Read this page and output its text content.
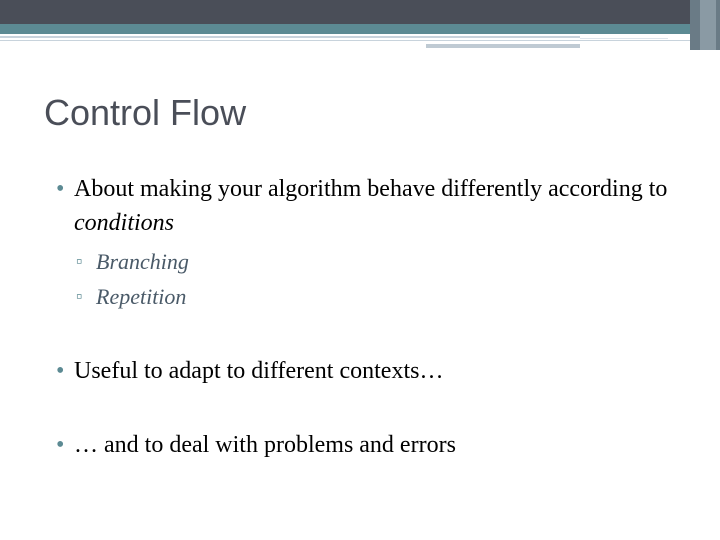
Control Flow
• About making your algorithm behave differently according to conditions
▫ Branching
▫ Repetition
• Useful to adapt to different contexts…
• … and to deal with problems and errors
